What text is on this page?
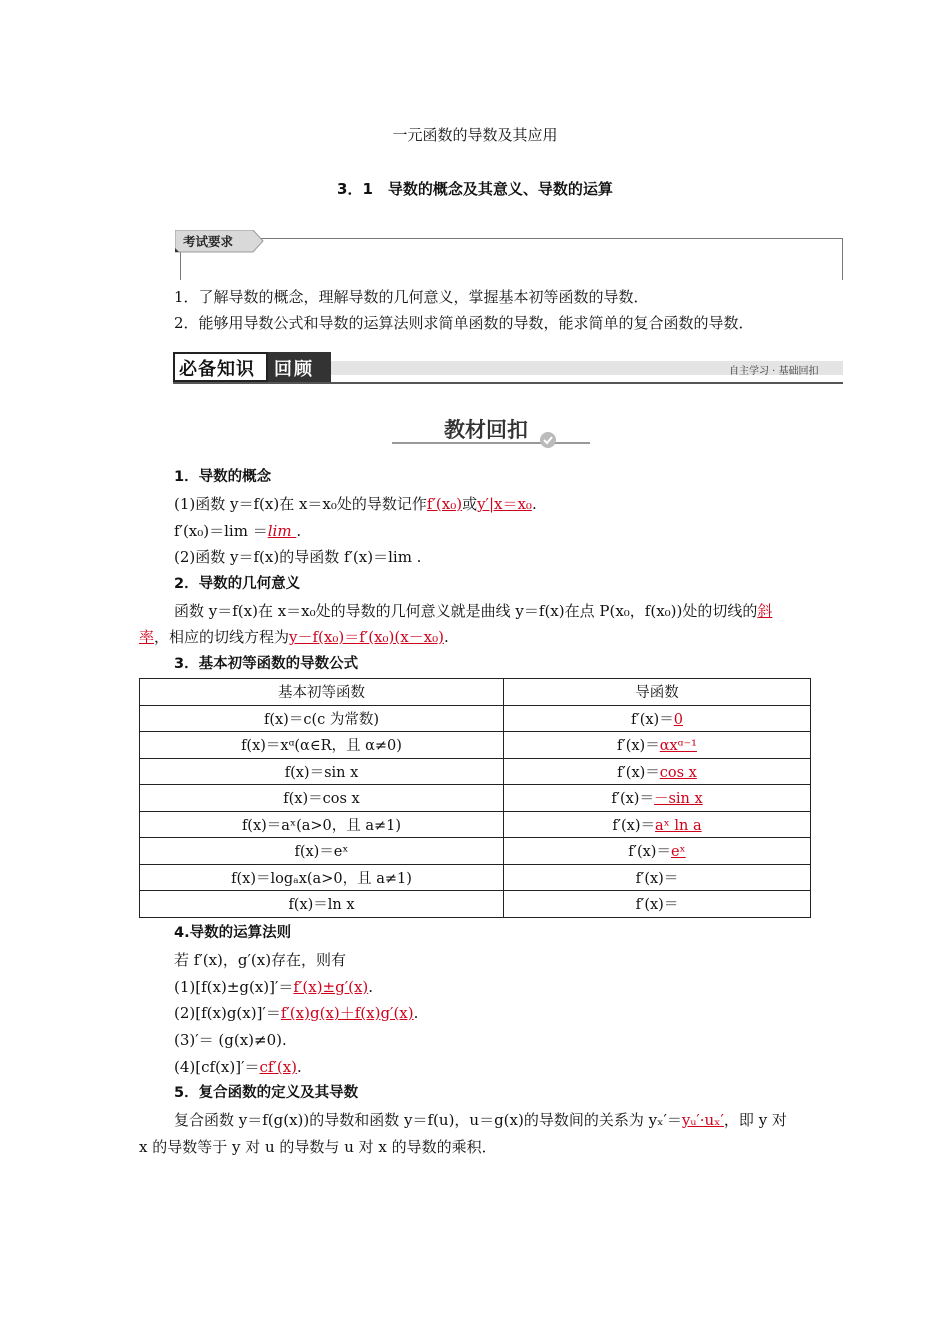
一元函数的导数及其应用
3．1　导数的概念及其意义、导数的运算
考试要求
1．了解导数的概念，理解导数的几何意义，掌握基本初等函数的导数．
2．能够用导数公式和导数的运算法则求简单函数的导数，能求简单的复合函数的导数．
必备知识 回顾	自主学习 · 基础回扣
教材回扣
1．导数的概念
(1)函数 y＝f(x)在 x＝x₀处的导数记作f′(x₀)或y′|x＝x₀.
f′(x₀)＝lim ＝lim .
(2)函数 y＝f(x)的导函数 f′(x)＝lim .
2．导数的几何意义
函数 y＝f(x)在 x＝x₀处的导数的几何意义就是曲线 y＝f(x)在点 P(x₀，f(x₀))处的切线的斜
率，相应的切线方程为y－f(x₀)＝f′(x₀)(x－x₀).
3．基本初等函数的导数公式
基本初等函数	导函数
f(x)＝c(c 为常数)	f′(x)＝0
f(x)＝xᵅ(α∈R，且 α≠0)	f′(x)＝αxᵅ⁻¹
f(x)＝sin x	f′(x)＝cos x
f(x)＝cos x	f′(x)＝－sin x
f(x)＝aˣ(a>0，且 a≠1)	f′(x)＝aˣ ln a
f(x)＝eˣ	f′(x)＝eˣ
f(x)＝logₐx(a>0，且 a≠1)	f′(x)＝
f(x)＝ln x	f′(x)＝
4.导数的运算法则
若 f′(x)，g′(x)存在，则有
(1)[f(x)±g(x)]′＝f′(x)±g′(x).
(2)[f(x)g(x)]′＝f′(x)g(x)＋f(x)g′(x).
(3)′＝ (g(x)≠0).
(4)[cf(x)]′＝cf′(x).
5．复合函数的定义及其导数
复合函数 y＝f(g(x))的导数和函数 y＝f(u)，u＝g(x)的导数间的关系为 yₓ′＝yᵤ′·uₓ′，即 y 对
x 的导数等于 y 对 u 的导数与 u 对 x 的导数的乘积．
